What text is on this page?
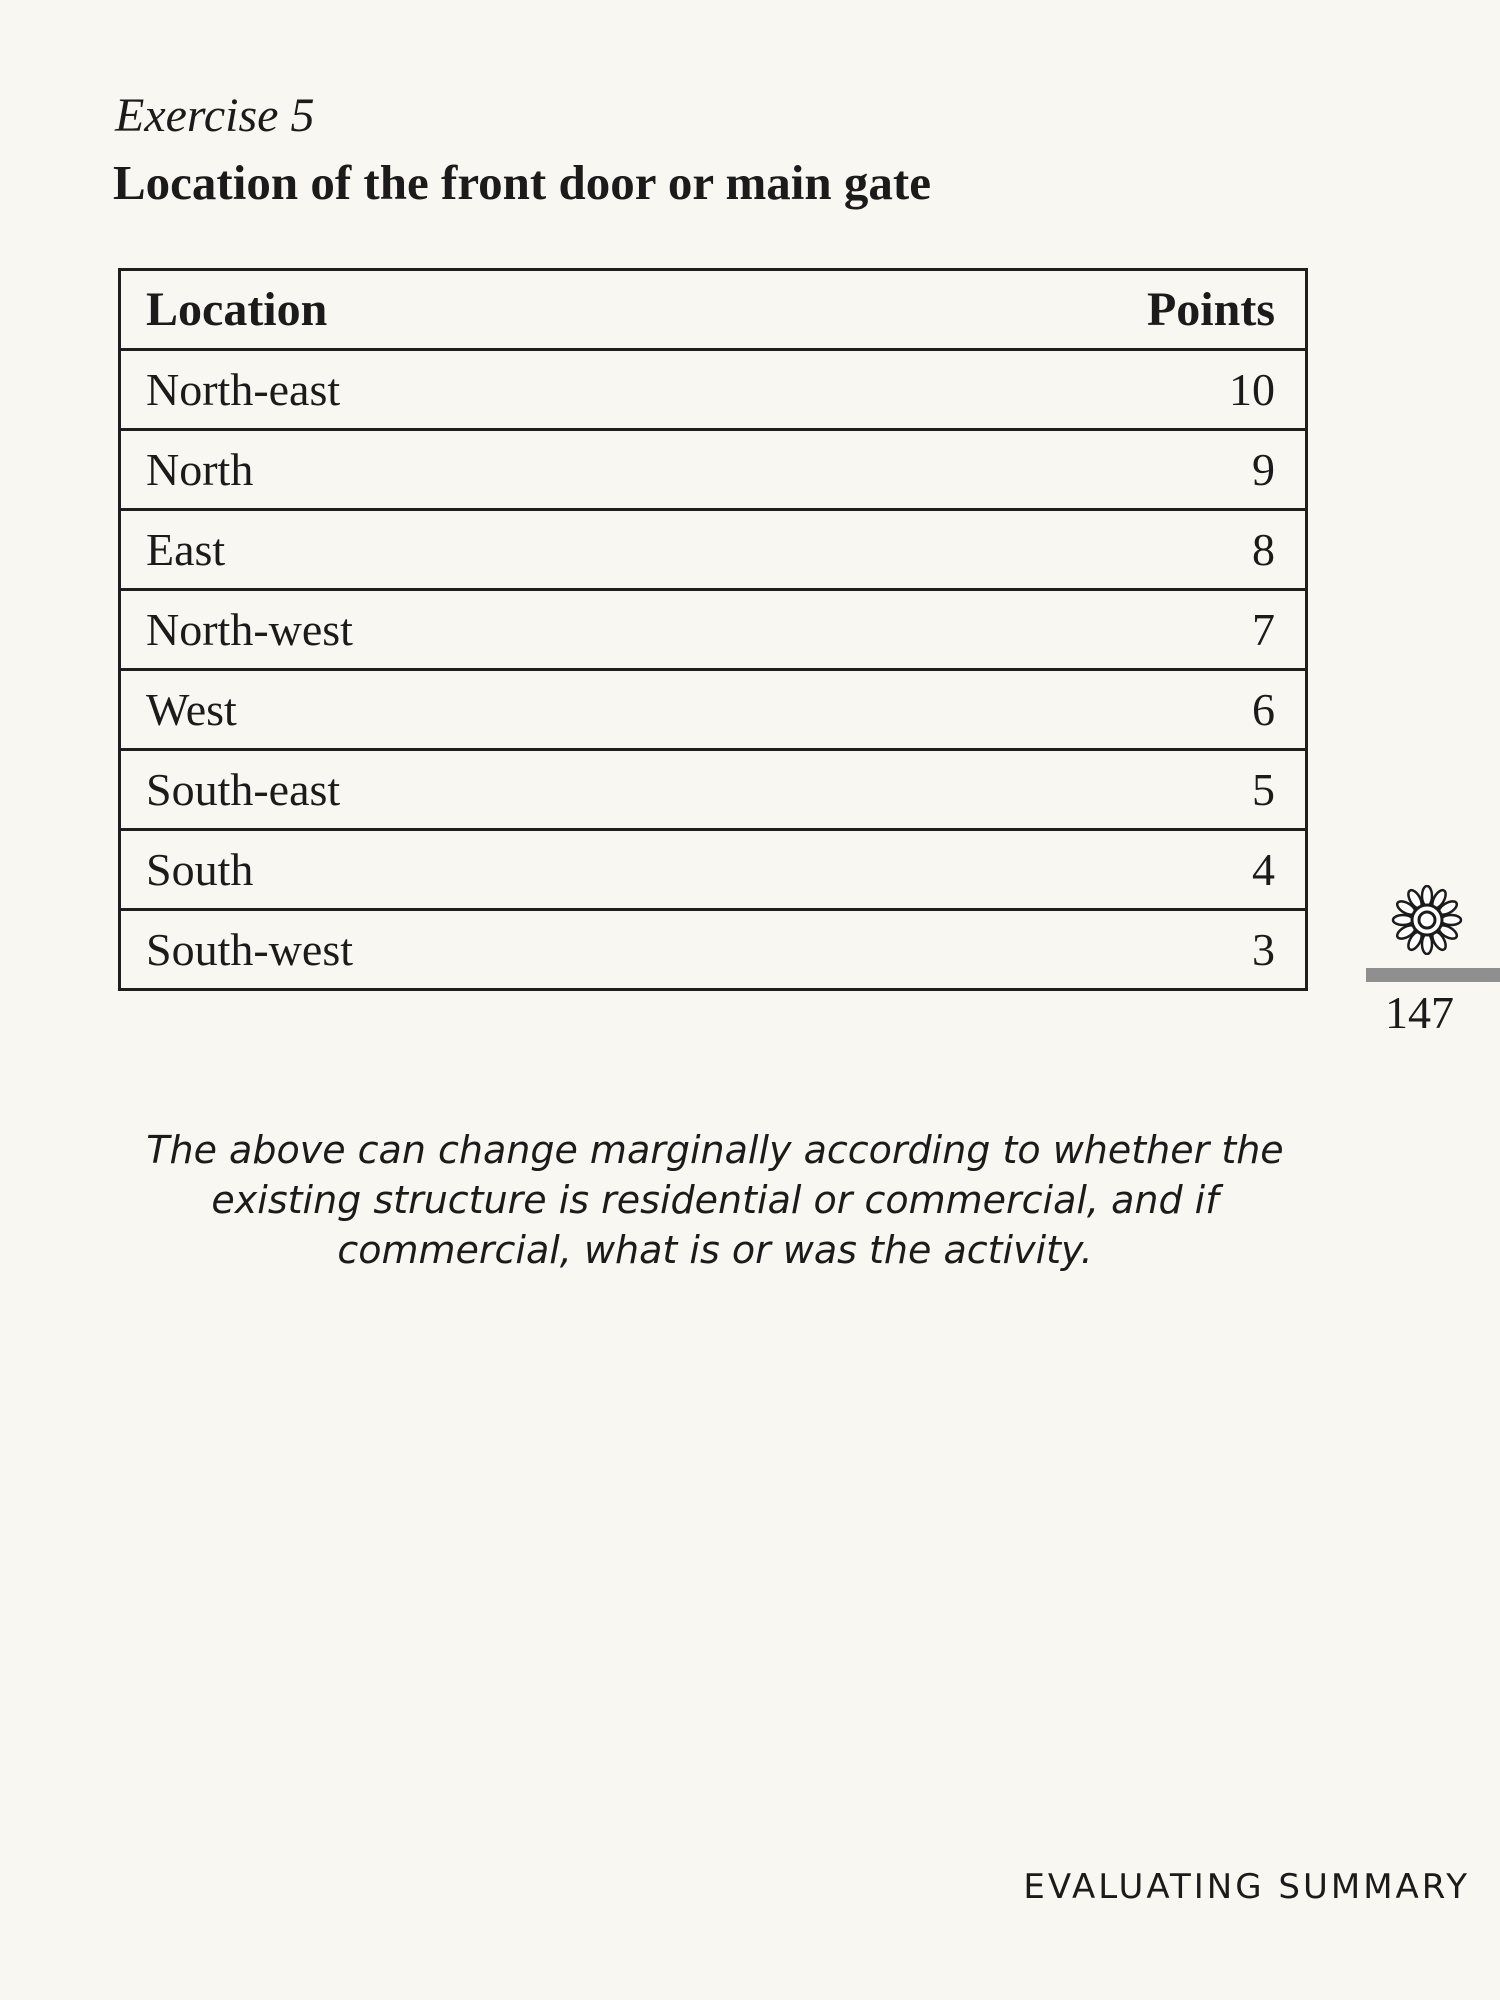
Exercise 5
Location of the front door or main gate
Location	Points
North-east	10
North	9
East	8
North-west	7
West	6
South-east	5
South	4
South-west	3
The above can change marginally according to whether the existing structure is residential or commercial, and if commercial, what is or was the activity.
147
EVALUATING SUMMARY
